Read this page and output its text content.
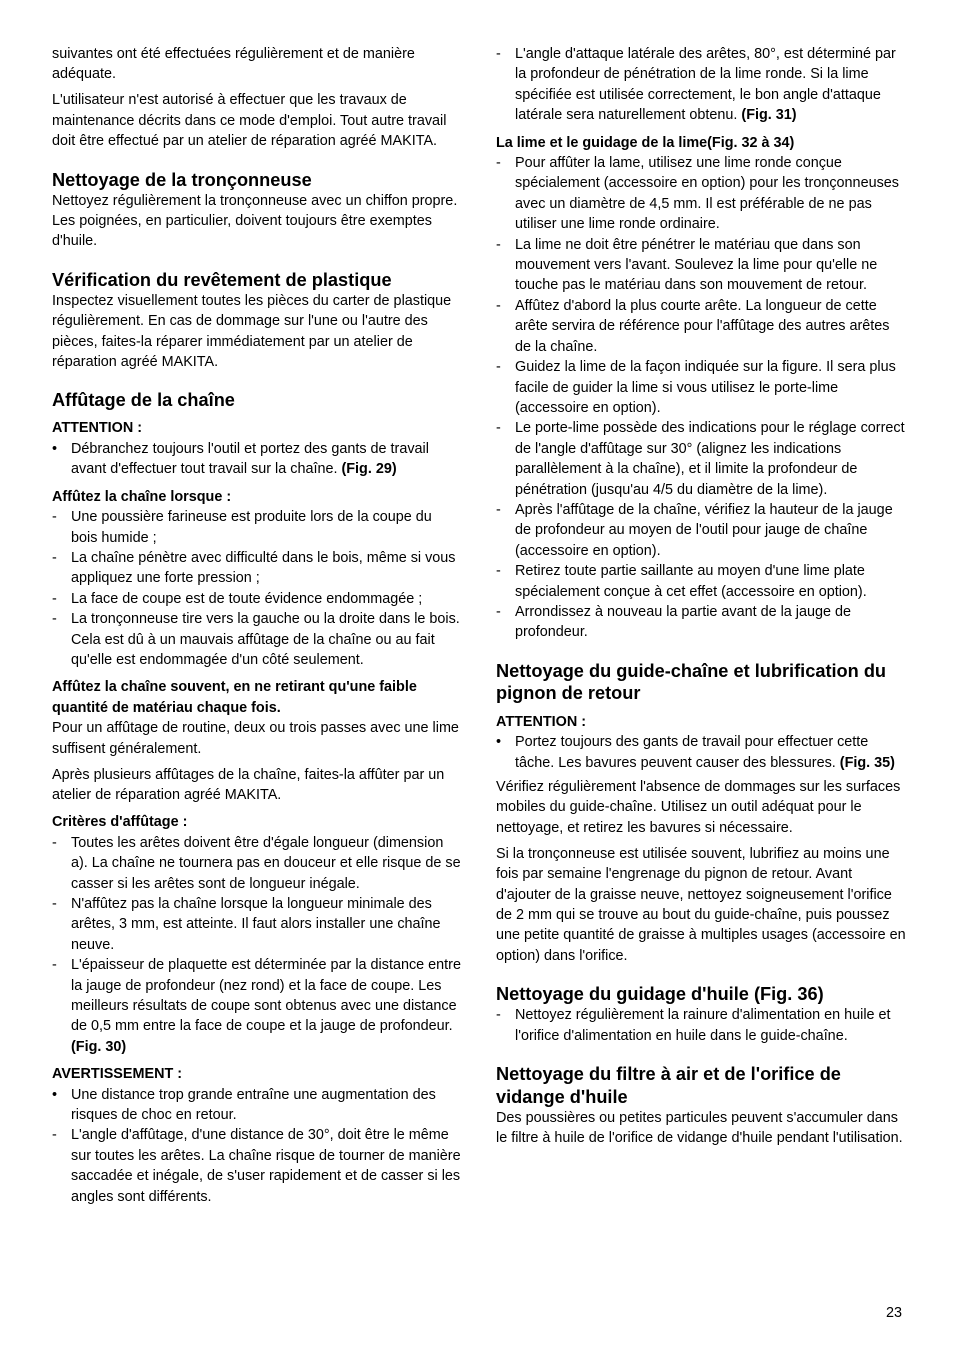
suivantes ont été effectuées régulièrement et de manière adéquate.

L'utilisateur n'est autorisé à effectuer que les travaux de maintenance décrits dans ce mode d'emploi. Tout autre travail doit être effectué par un atelier de réparation agréé MAKITA.

Nettoyage de la tronçonneuse

Nettoyez régulièrement la tronçonneuse avec un chiffon propre. Les poignées, en particulier, doivent toujours être exemptes d'huile.

Vérification du revêtement de plastique

Inspectez visuellement toutes les pièces du carter de plastique régulièrement. En cas de dommage sur l'une ou l'autre des pièces, faites-la réparer immédiatement par un atelier de réparation agréé MAKITA.

Affûtage de la chaîne
ATTENTION :
• Débranchez toujours l'outil et portez des gants de travail avant d'effectuer tout travail sur la chaîne. (Fig. 29)
Affûtez la chaîne lorsque :
- Une poussière farineuse est produite lors de la coupe du bois humide ;
- La chaîne pénètre avec difficulté dans le bois, même si vous appliquez une forte pression ;
- La face de coupe est de toute évidence endommagée ;
- La tronçonneuse tire vers la gauche ou la droite dans le bois. Cela est dû à un mauvais affûtage de la chaîne ou au fait qu'elle est endommagée d'un côté seulement.
Affûtez la chaîne souvent, en ne retirant qu'une faible quantité de matériau chaque fois.

Pour un affûtage de routine, deux ou trois passes avec une lime suffisent généralement.

Après plusieurs affûtages de la chaîne, faites-la affûter par un atelier de réparation agréé MAKITA.

Critères d'affûtage :
- Toutes les arêtes doivent être d'égale longueur (dimension a). La chaîne ne tournera pas en douceur et elle risque de se casser si les arêtes sont de longueur inégale.
- N'affûtez pas la chaîne lorsque la longueur minimale des arêtes, 3 mm, est atteinte. Il faut alors installer une chaîne neuve.
- L'épaisseur de plaquette est déterminée par la distance entre la jauge de profondeur (nez rond) et la face de coupe. Les meilleurs résultats de coupe sont obtenus avec une distance de 0,5 mm entre la face de coupe et la jauge de profondeur. (Fig. 30)
AVERTISSEMENT :
• Une distance trop grande entraîne une augmentation des risques de choc en retour.
- L'angle d'affûtage, d'une distance de 30°, doit être le même sur toutes les arêtes. La chaîne risque de tourner de manière saccadée et inégale, de s'user rapidement et de casser si les angles sont différents.
- L'angle d'attaque latérale des arêtes, 80°, est déterminé par la profondeur de pénétration de la lime ronde. Si la lime spécifiée est utilisée correctement, le bon angle d'attaque latérale sera naturellement obtenu. (Fig. 31)
La lime et le guidage de la lime(Fig. 32 à 34)
- Pour affûter la lame, utilisez une lime ronde conçue spécialement (accessoire en option) pour les tronçonneuses avec un diamètre de 4,5 mm. Il est préférable de ne pas utiliser une lime ronde ordinaire.
- La lime ne doit être pénétrer le matériau que dans son mouvement vers l'avant. Soulevez la lime pour qu'elle ne touche pas le matériau dans son mouvement de retour.
- Affûtez d'abord la plus courte arête. La longueur de cette arête servira de référence pour l'affûtage des autres arêtes de la chaîne.
- Guidez la lime de la façon indiquée sur la figure. Il sera plus facile de guider la lime si vous utilisez le porte-lime (accessoire en option).
- Le porte-lime possède des indications pour le réglage correct de l'angle d'affûtage sur 30° (alignez les indications parallèlement à la chaîne), et il limite la profondeur de pénétration (jusqu'au 4/5 du diamètre de la lime).
- Après l'affûtage de la chaîne, vérifiez la hauteur de la jauge de profondeur au moyen de l'outil pour jauge de chaîne (accessoire en option).
- Retirez toute partie saillante au moyen d'une lime plate spécialement conçue à cet effet (accessoire en option).
- Arrondissez à nouveau la partie avant de la jauge de profondeur.
Nettoyage du guide-chaîne et lubrification du pignon de retour
ATTENTION :
• Portez toujours des gants de travail pour effectuer cette tâche. Les bavures peuvent causer des blessures. (Fig. 35)

Vérifiez régulièrement l'absence de dommages sur les surfaces mobiles du guide-chaîne. Utilisez un outil adéquat pour le nettoyage, et retirez les bavures si nécessaire.

Si la tronçonneuse est utilisée souvent, lubrifiez au moins une fois par semaine l'engrenage du pignon de retour. Avant d'ajouter de la graisse neuve, nettoyez soigneusement l'orifice de 2 mm qui se trouve au bout du guide-chaîne, puis poussez une petite quantité de graisse à multiples usages (accessoire en option) dans l'orifice.

Nettoyage du guidage d'huile (Fig. 36)
- Nettoyez régulièrement la rainure d'alimentation en huile et l'orifice d'alimentation en huile dans le guide-chaîne.
Nettoyage du filtre à air et de l'orifice de vidange d'huile

Des poussières ou petites particules peuvent s'accumuler dans le filtre à huile de l'orifice de vidange d'huile pendant l'utilisation.

23
